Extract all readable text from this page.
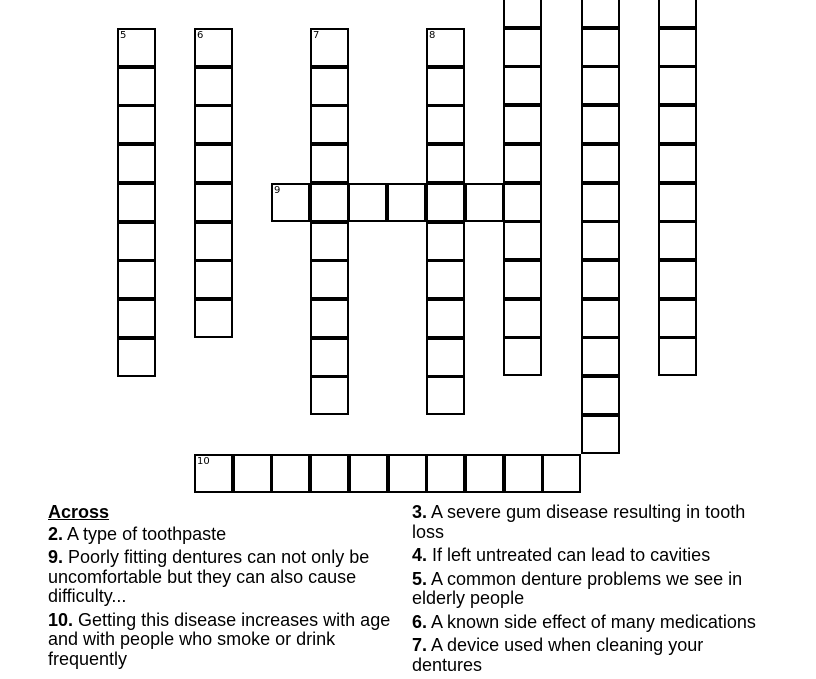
5	6	7	8
9
10
Across
2. A type of toothpaste
9. Poorly fitting dentures can not only be uncomfortable but they can also cause difficulty...
10. Getting this disease increases with age and with people who smoke or drink frequently
3. A severe gum disease resulting in tooth loss
4. If left untreated can lead to cavities
5. A common denture problems we see in elderly people
6. A known side effect of many medications
7. A device used when cleaning your dentures
